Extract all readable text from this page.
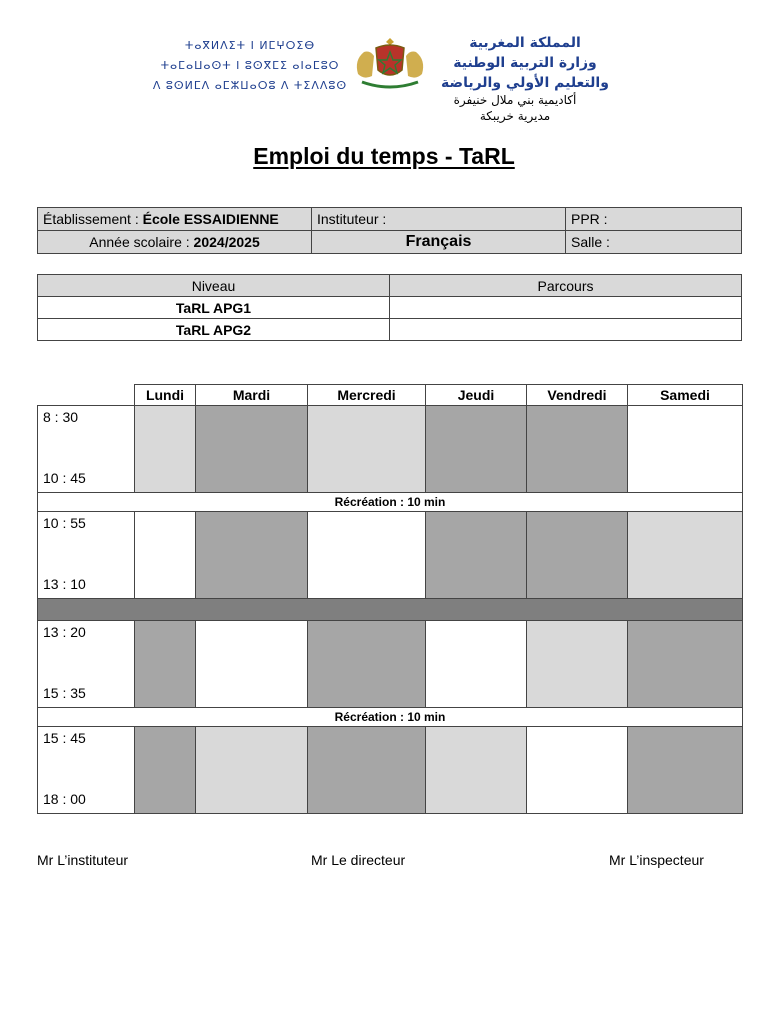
ⵜⴰⴳⵍⴷⵉⵜ ⵏ ⵍⵎⵖⵔⵉⴱ
ⵜⴰⵎⴰⵡⴰⵙⵜ ⵏ ⵓⵙⴳⵎⵉ ⴰⵏⴰⵎⵓⵔ
ⴷ ⵓⵙⵍⵎⴷ ⴰⵎⵣⵡⴰⵔⵓ ⴷ ⵜⵉⴷⴷⵓⵙ
المملكة المغربية
وزارة التربية الوطنية
والتعليم الأولي والرياضة
أكاديمية بني ملال خنيفرة
مديرية خريبكة
Emploi du temps - TaRL
Établissement : École ESSAIDIENNE	Instituteur :	PPR :
Année scolaire : 2024/2025	Français	Salle :
Niveau	Parcours
TaRL APG1	
TaRL APG2	
	Lundi	Mardi	Mercredi	Jeudi	Vendredi	Samedi

8 : 30
10 : 45						

Récréation : 10 min						

10 : 55
13 : 10						

13 : 20
15 : 35						

Récréation : 10 min						

15 : 45
18 : 00						

Mr L’instituteur	Mr Le directeur	Mr L’inspecteur
